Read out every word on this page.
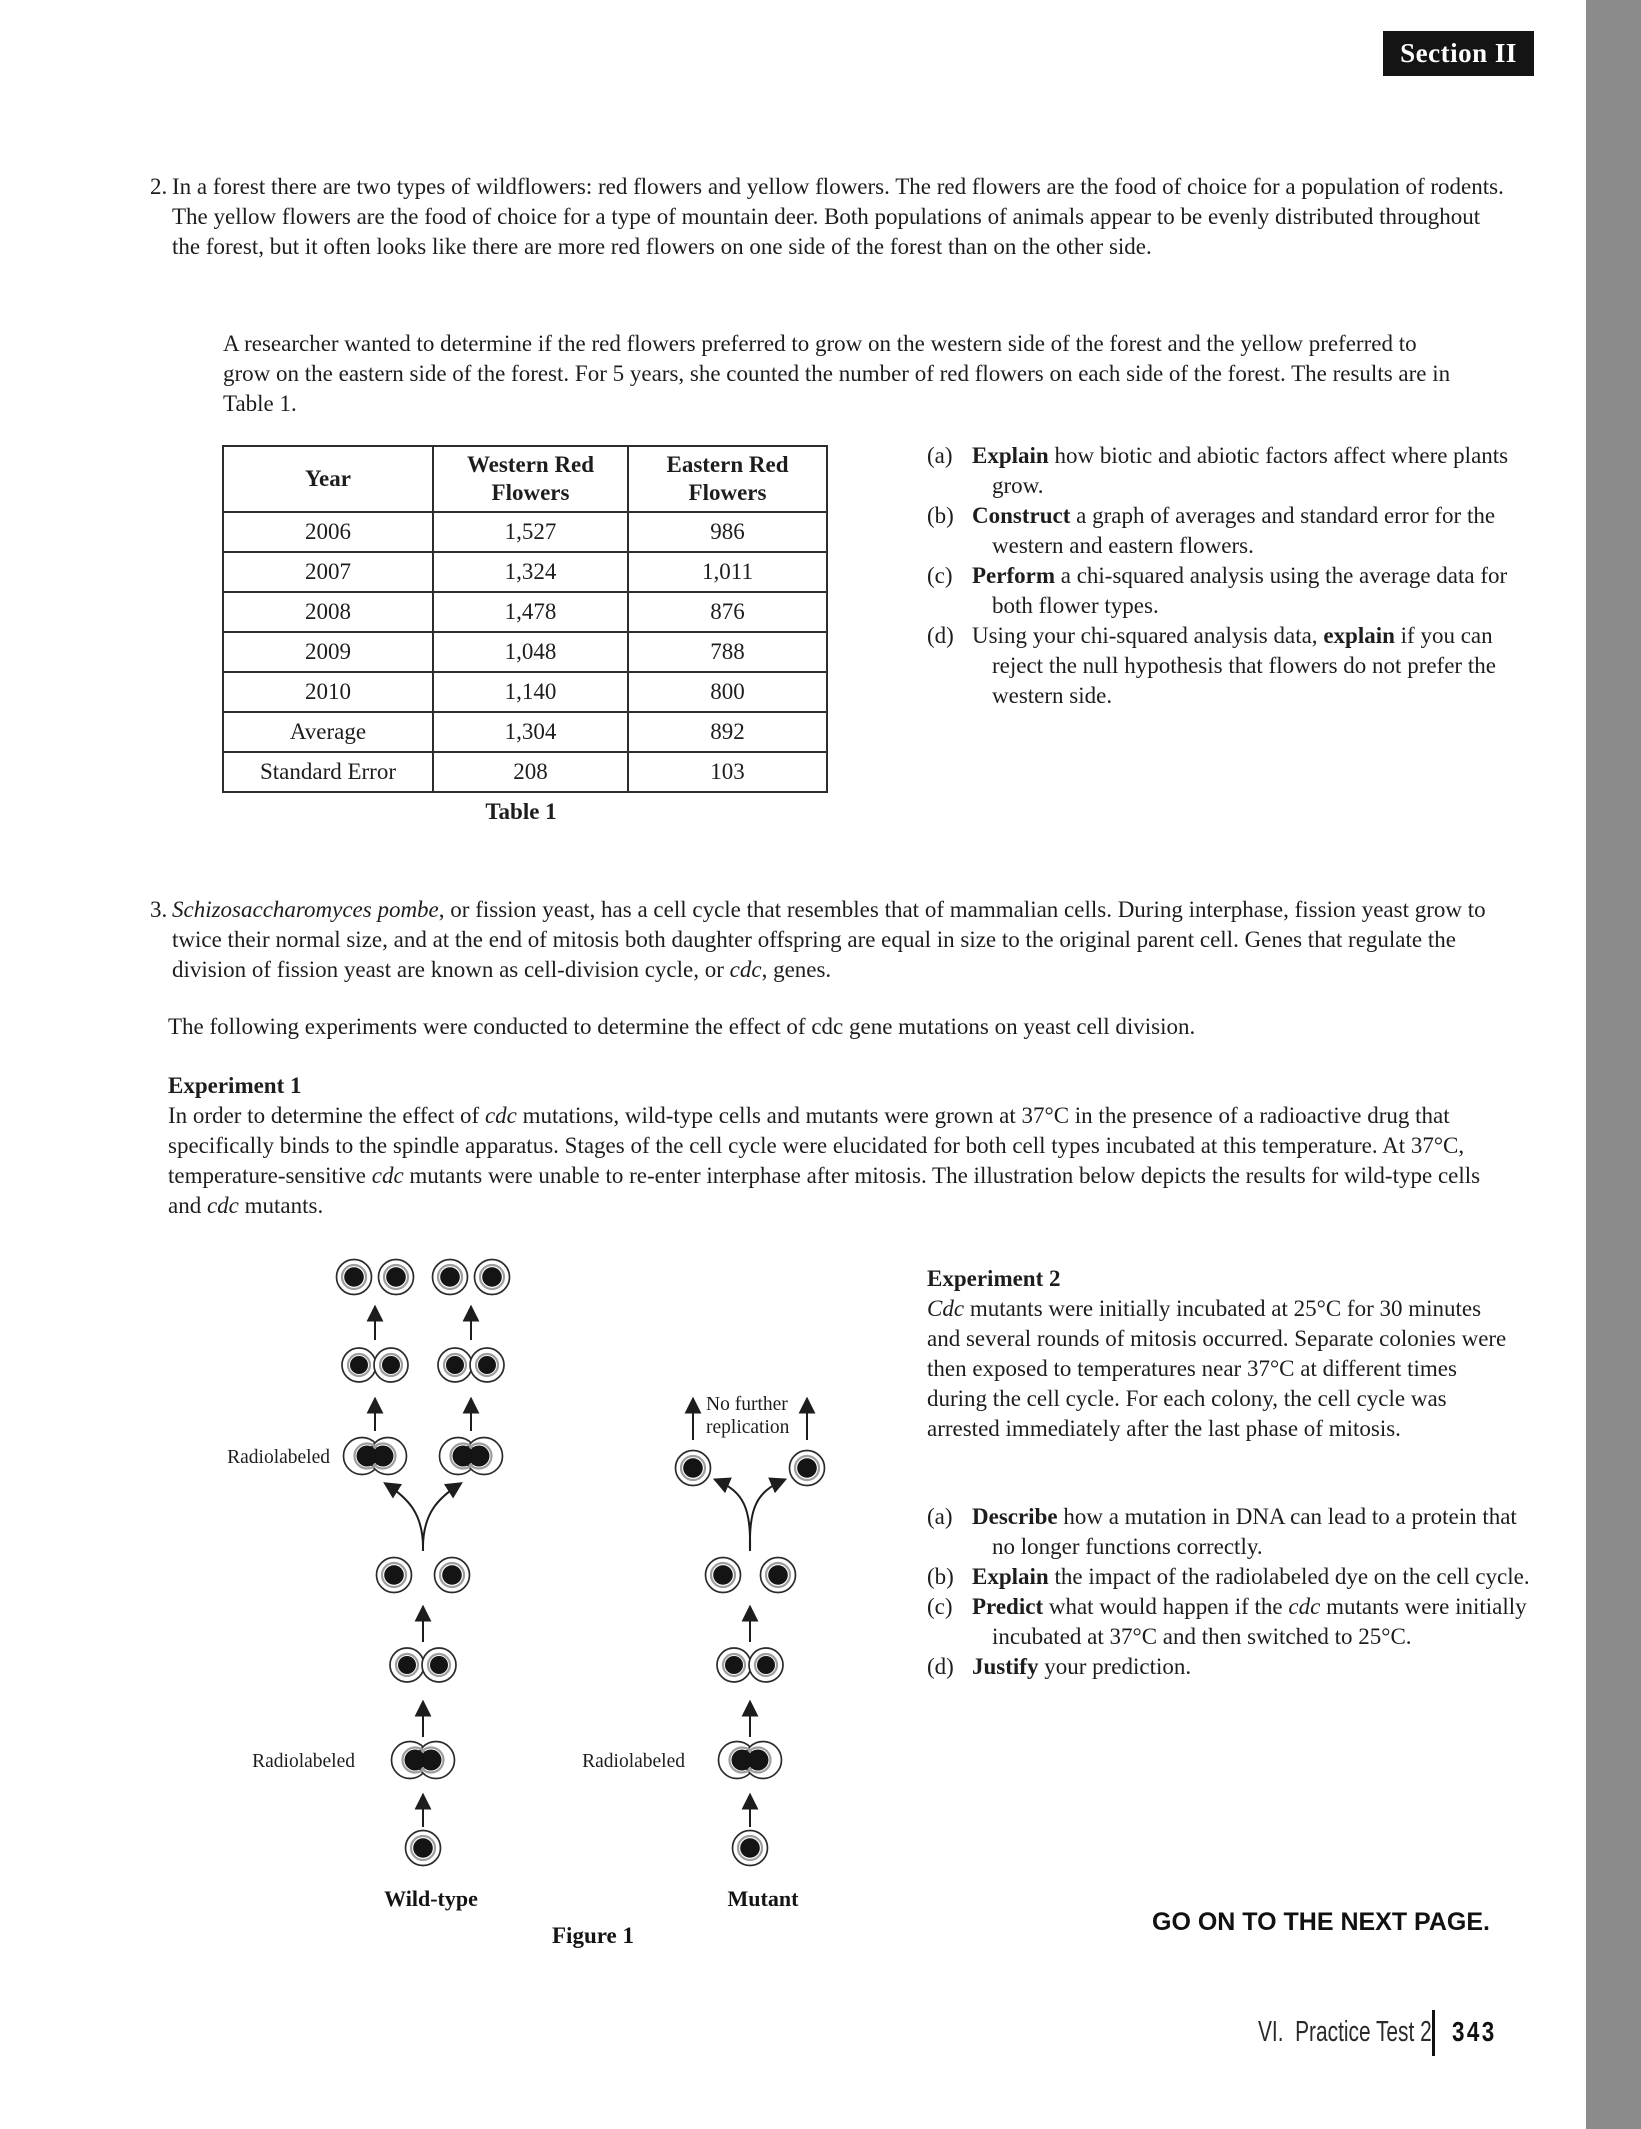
Section II
2. In a forest there are two types of wildflowers: red flowers and yellow flowers. The red flowers are the food of choice for a population of rodents. The yellow flowers are the food of choice for a type of mountain deer. Both populations of animals appear to be evenly distributed throughout the forest, but it often looks like there are more red flowers on one side of the forest than on the other side.
A researcher wanted to determine if the red flowers preferred to grow on the western side of the forest and the yellow preferred to grow on the eastern side of the forest. For 5 years, she counted the number of red flowers on each side of the forest. The results are in Table 1.
Year	Western Red Flowers	Eastern Red Flowers
2006	1,527	986
2007	1,324	1,011
2008	1,478	876
2009	1,048	788
2010	1,140	800
Average	1,304	892
Standard Error	208	103
Table 1
(a) Explain how biotic and abiotic factors affect where plants grow.
(b) Construct a graph of averages and standard error for the western and eastern flowers.
(c) Perform a chi-squared analysis using the average data for both flower types.
(d) Using your chi-squared analysis data, explain if you can reject the null hypothesis that flowers do not prefer the western side.
3. Schizosaccharomyces pombe, or fission yeast, has a cell cycle that resembles that of mammalian cells. During interphase, fission yeast grow to twice their normal size, and at the end of mitosis both daughter offspring are equal in size to the original parent cell. Genes that regulate the division of fission yeast are known as cell-division cycle, or cdc, genes.
The following experiments were conducted to determine the effect of cdc gene mutations on yeast cell division.
Experiment 1
In order to determine the effect of cdc mutations, wild-type cells and mutants were grown at 37°C in the presence of a radioactive drug that specifically binds to the spindle apparatus. Stages of the cell cycle were elucidated for both cell types incubated at this temperature. At 37°C, temperature-sensitive cdc mutants were unable to re-enter interphase after mitosis. The illustration below depicts the results for wild-type cells and cdc mutants.
Radiolabeled
Radiolabeled
Wild-type
No further
replication
Radiolabeled
Mutant
Figure 1
Experiment 2
Cdc mutants were initially incubated at 25°C for 30 minutes and several rounds of mitosis occurred. Separate colonies were then exposed to temperatures near 37°C at different times during the cell cycle. For each colony, the cell cycle was arrested immediately after the last phase of mitosis.
(a) Describe how a mutation in DNA can lead to a protein that no longer functions correctly.
(b) Explain the impact of the radiolabeled dye on the cell cycle.
(c) Predict what would happen if the cdc mutants were initially incubated at 37°C and then switched to 25°C.
(d) Justify your prediction.
GO ON TO THE NEXT PAGE.
VI.  Practice Test 2 343
